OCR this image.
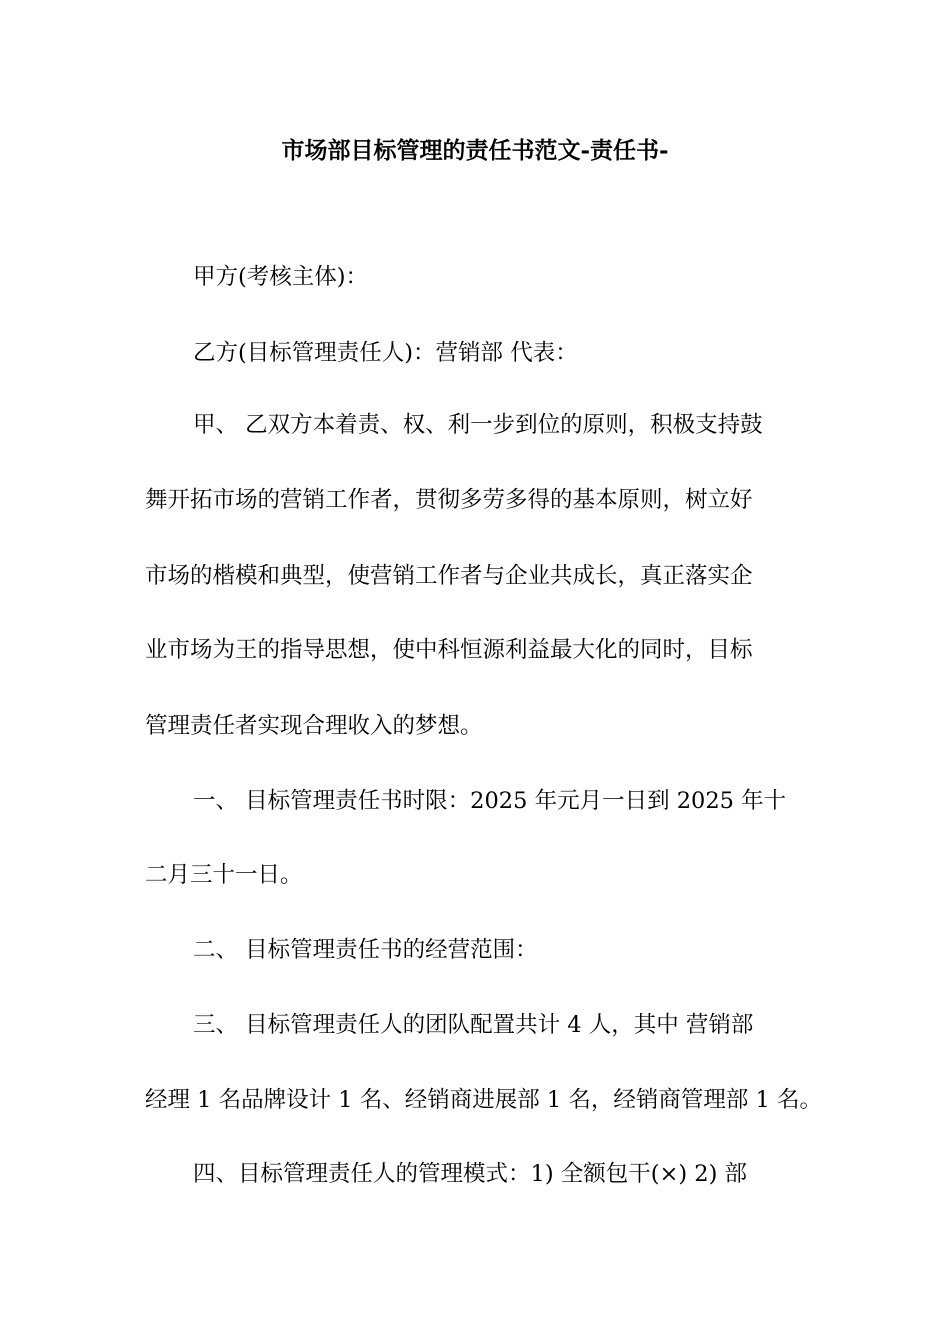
市场部目标管理的责任书范文-责任书-
甲方(考核主体)：
乙方(目标管理责任人)：营销部 代表：
甲、 乙双方本着责、权、利一步到位的原则，积极支持鼓
舞开拓市场的营销工作者，贯彻多劳多得的基本原则，树立好
市场的楷模和典型，使营销工作者与企业共成长，真正落实企
业市场为王的指导思想，使中科恒源利益最大化的同时，目标
管理责任者实现合理收入的梦想。
一、 目标管理责任书时限：2025 年元月一日到 2025 年十
二月三十一日。
二、 目标管理责任书的经营范围：
三、 目标管理责任人的团队配置共计 4 人，其中 营销部
经理 1 名品牌设计 1 名、经销商进展部 1 名，经销商管理部 1 名。
四、目标管理责任人的管理模式：1) 全额包干(×) 2) 部
